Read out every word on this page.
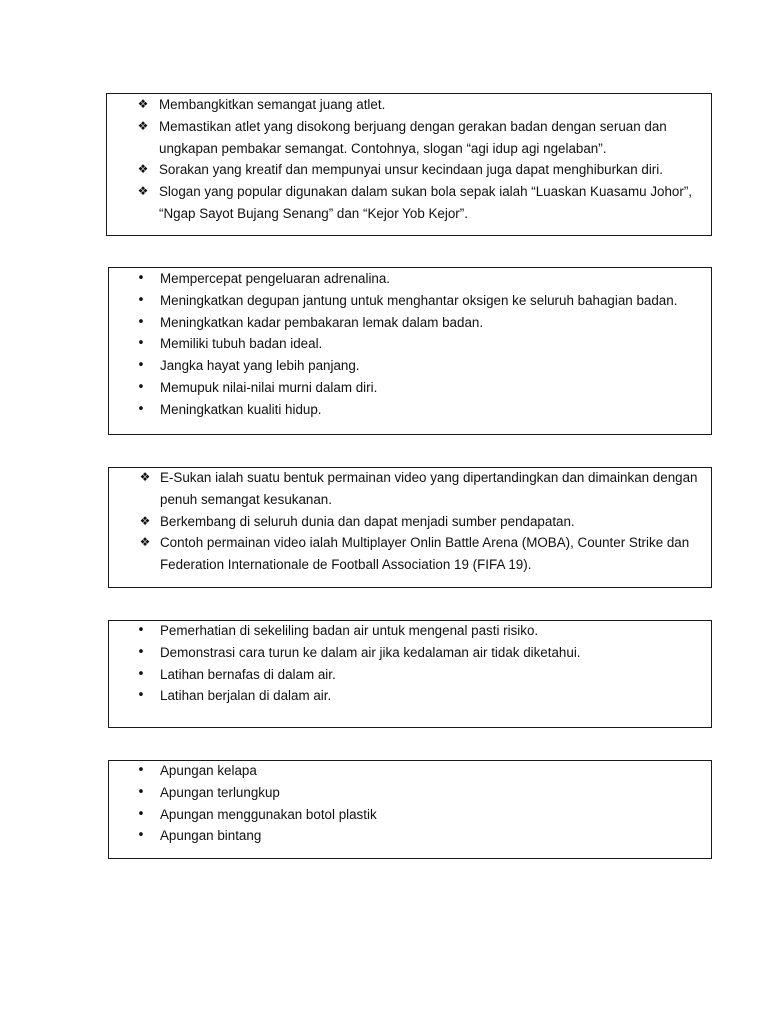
❖ Membangkitkan semangat juang atlet.
❖ Memastikan atlet yang disokong berjuang dengan gerakan badan dengan seruan dan ungkapan pembakar semangat. Contohnya, slogan “agi idup agi ngelaban”.
❖ Sorakan yang kreatif dan mempunyai unsur kecindaan juga dapat menghiburkan diri.
❖ Slogan yang popular digunakan dalam sukan bola sepak ialah “Luaskan Kuasamu Johor”, “Ngap Sayot Bujang Senang” dan “Kejor Yob Kejor”.
•	Mempercepat pengeluaran adrenalina.
•	Meningkatkan degupan jantung untuk menghantar oksigen ke seluruh bahagian badan.
•	Meningkatkan kadar pembakaran lemak dalam badan.
•	Memiliki tubuh badan ideal.
•	Jangka hayat yang lebih panjang.
•	Memupuk nilai-nilai murni dalam diri.
•	Meningkatkan kualiti hidup.
❖ E-Sukan ialah suatu bentuk permainan video yang dipertandingkan dan dimainkan dengan penuh semangat kesukanan.
❖ Berkembang di seluruh dunia dan dapat menjadi sumber pendapatan.
❖ Contoh permainan video ialah Multiplayer Onlin Battle Arena (MOBA), Counter Strike dan Federation Internationale de Football Association 19 (FIFA 19).
•	Pemerhatian di sekeliling badan air untuk mengenal pasti risiko.
•	Demonstrasi cara turun ke dalam air jika kedalaman air tidak diketahui.
•	Latihan bernafas di dalam air.
•	Latihan berjalan di dalam air.
•	Apungan kelapa
•	Apungan terlungkup
•	Apungan menggunakan botol plastik
•	Apungan bintang
